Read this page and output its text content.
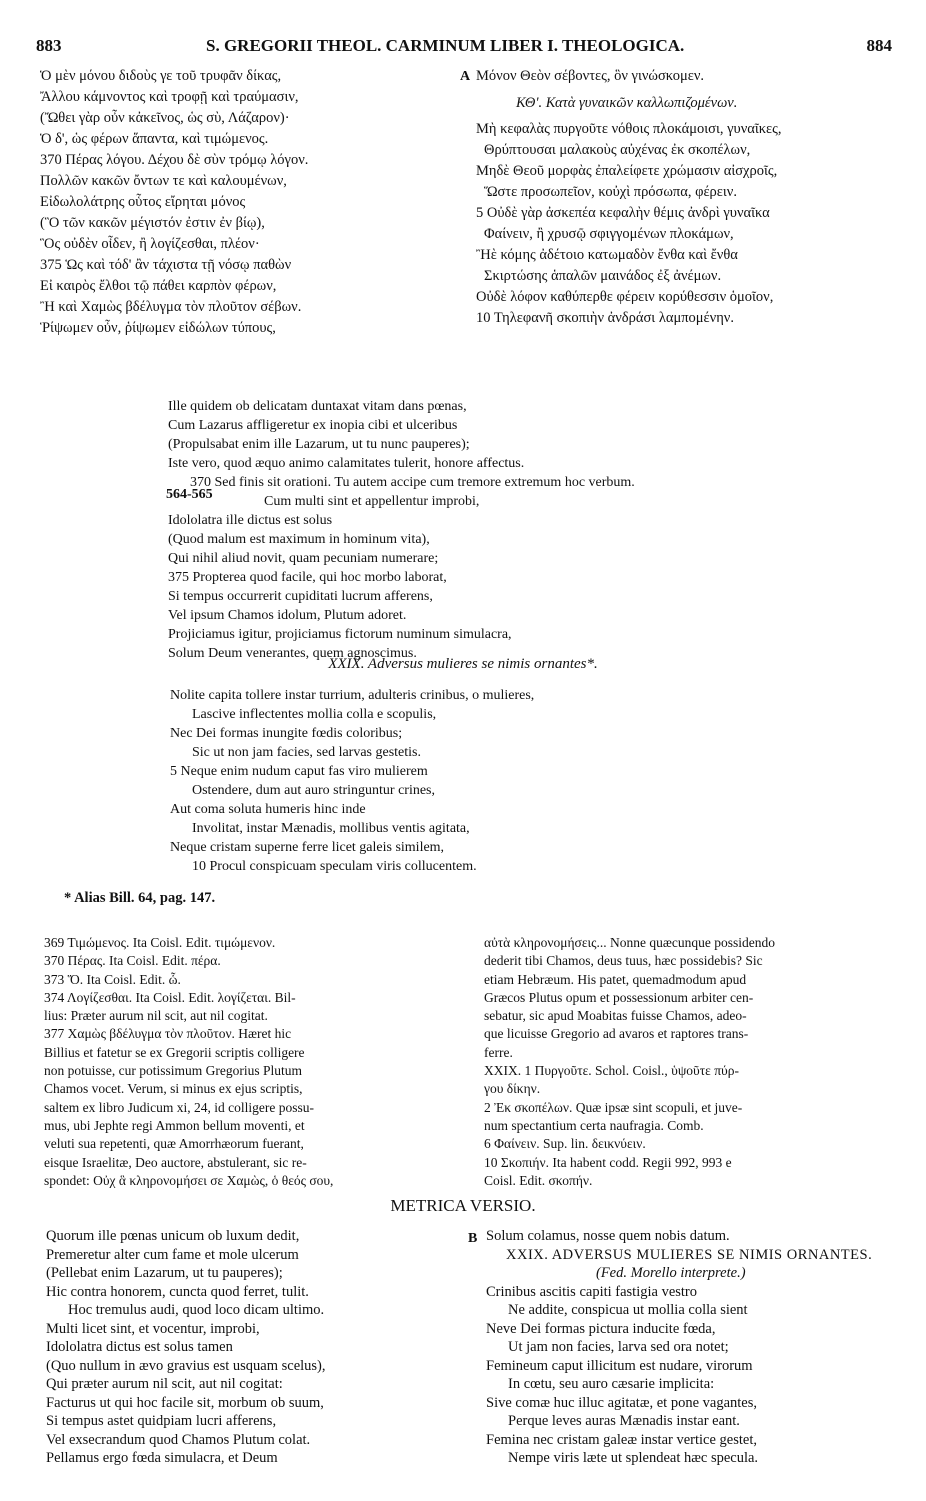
883	S. GREGORII THEOL. CARMINUM LIBER I. THEOLOGICA.	884
Ὁ μὲν μόνου διδοὺς γε τοῦ τρυφᾶν δίκας,
Ἄλλου κάμνοντος καὶ τροφῇ καὶ τραύμασιν,
(Ὤθει γὰρ οὖν κἀκεῖνος, ὡς σὺ, Λάζαρον)·
Ὁ δ', ὡς φέρων ἅπαντα, καὶ τιμώμενος.
370 Πέρας λόγου. Δέχου δὲ σὺν τρόμῳ λόγον.
Πολλῶν κακῶν ὄντων τε καὶ καλουμένων,
Εἰδωλολάτρης οὗτος εἴρηται μόνος
(Ὃ τῶν κακῶν μέγιστόν ἐστιν ἐν βίῳ),
Ὃς οὐδὲν οἶδεν, ἢ λογίζεσθαι, πλέον·
375 Ὡς καὶ τόδ' ἂν τάχιστα τῇ νόσῳ παθὼν
Εἰ καιρὸς ἔλθοι τῷ πάθει καρπὸν φέρων,
Ἢ καὶ Χαμὼς βδέλυγμα τὸν πλοῦτον σέβων.
Ῥίψωμεν οὖν, ῥίψωμεν εἰδώλων τύπους,
A Μόνον Θεὸν σέβοντες, ὃν γινώσκομεν.
ΚΘ'. Κατὰ γυναικῶν καλλωπιζομένων.
Μὴ κεφαλὰς πυργοῦτε νόθοις πλοκάμοισι, γυναῖκες,
Θρύπτουσαι μαλακοὺς αὐχένας ἐκ σκοπέλων,
Μηδὲ Θεοῦ μορφὰς ἐπαλείφετε χρώμασιν αἰσχροῖς,
Ὥστε προσωπεῖον, κοὐχὶ πρόσωπα, φέρειν.
5 Οὐδὲ γὰρ ἀσκεπέα κεφαλὴν θέμις ἀνδρὶ γυναῖκα
Φαίνειν, ἢ χρυσῷ σφιγγομένων πλοκάμων,
Ἢὲ κόμης ἀδέτοιο κατωμαδὸν ἔνθα καὶ ἔνθα
Σκιρτώσης ἁπαλῶν μαινάδος ἐξ ἀνέμων.
Οὐδὲ λόφον καθύπερθε φέρειν κορύθεσσιν ὁμοῖον,
10 Τηλεφανῆ σκοπιὴν ἀνδράσι λαμπομένην.
564-565
Ille quidem ob delicatam duntaxat vitam dans pœnas,
Cum Lazarus affligeretur ex inopia cibi et ulceribus
(Propulsabat enim ille Lazarum, ut tu nunc pauperes);
Iste vero, quod æquo animo calamitates tulerit, honore affectus.
370 Sed finis sit orationi. Tu autem accipe cum tremore extremum hoc verbum.
Cum multi sint et appellentur improbi,
Idololatra ille dictus est solus
(Quod malum est maximum in hominum vita),
Qui nihil aliud novit, quam pecuniam numerare;
375 Propterea quod facile, qui hoc morbo laborat,
Si tempus occurrerit cupiditati lucrum afferens,
Vel ipsum Chamos idolum, Plutum adoret.
Projiciamus igitur, projiciamus fictorum numinum simulacra,
Solum Deum venerantes, quem agnoscimus.
XXIX. Adversus mulieres se nimis ornantes*.
Nolite capita tollere instar turrium, adulteris crinibus, o mulieres,
Lascive inflectentes mollia colla e scopulis,
Nec Dei formas inungite fœdis coloribus;
Sic ut non jam facies, sed larvas gestetis.
5 Neque enim nudum caput fas viro mulierem
Ostendere, dum aut auro stringuntur crines,
Aut coma soluta humeris hinc inde
Involitat, instar Mænadis, mollibus ventis agitata,
Neque cristam superne ferre licet galeis similem,
10 Procul conspicuam speculam viris collucentem.
* Alias Bill. 64, pag. 147.
369 Τιμώμενος. Ita Coisl. Edit. τιμώμενον.
370 Πέρας. Ita Coisl. Edit. πέρα.
373 Ὅ. Ita Coisl. Edit. ὧ.
374 Λογίζεσθαι. Ita Coisl. Edit. λογίζεται. Bil-
lius: Præter aurum nil scit, aut nil cogitat.
377 Χαμὼς βδέλυγμα τὸν πλοῦτον. Hæret hic
Billius et fatetur se ex Gregorii scriptis colligere
non potuisse, cur potissimum Gregorius Plutum
Chamos vocet. Verum, si minus ex ejus scriptis,
saltem ex libro Judicum xi, 24, id colligere possu-
mus, ubi Jephte regi Ammon bellum moventi, et
veluti sua repetenti, quæ Amorrhæorum fuerant,
eisque Israelitæ, Deo auctore, abstulerant, sic re-
spondet: Οὐχ ἃ κληρονομήσει σε Χαμὼς, ὁ θεός σου,
αὐτὰ κληρονομήσεις... Nonne quæcunque possidendo
dederit tibi Chamos, deus tuus, hæc possidebis? Sic
etiam Hebræum. His patet, quemadmodum apud
Græcos Plutus opum et possessionum arbiter cen-
sebatur, sic apud Moabitas fuisse Chamos, adeo-
que licuisse Gregorio ad avaros et raptores trans-
ferre.
XXIX. 1 Πυργοῦτε. Schol. Coisl., ὑψοῦτε πύρ-
γου δίκην.
2 Ἐκ σκοπέλων. Quæ ipsæ sint scopuli, et juve-
num spectantium certa naufragia. Comb.
6 Φαίνειν. Sup. lin. δεικνύειν.
10 Σκοπιήν. Ita habent codd. Regii 992, 993 e
Coisl. Edit. σκοπήν.
METRICA VERSIO.
Quorum ille pœnas unicum ob luxum dedit,
Premeretur alter cum fame et mole ulcerum
(Pellebat enim Lazarum, ut tu pauperes);
Hic contra honorem, cuncta quod ferret, tulit.
Hoc tremulus audi, quod loco dicam ultimo.
Multi licet sint, et vocentur, improbi,
Idololatra dictus est solus tamen
(Quo nullum in ævo gravius est usquam scelus),
Qui præter aurum nil scit, aut nil cogitat:
Facturus ut qui hoc facile sit, morbum ob suum,
Si tempus astet quidpiam lucri afferens,
Vel exsecrandum quod Chamos Plutum colat.
Pellamus ergo fœda simulacra, et Deum
B Solum colamus, nosse quem nobis datum.
XXIX. ADVERSUS MULIERES SE NIMIS ORNANTES.
(Fed. Morello interprete.)
Crinibus ascitis capiti fastigia vestro
Ne addite, conspicua ut mollia colla sient
Neve Dei formas pictura inducite fœda,
Ut jam non facies, larva sed ora notet;
Femineum caput illicitum est nudare, virorum
In cœtu, seu auro cæsarie implicita:
Sive comæ huc illuc agitatæ, et pone vagantes,
Perque leves auras Mænadis instar eant.
Femina nec cristam galeæ instar vertice gestet,
Nempe viris læte ut splendeat hæc specula.
